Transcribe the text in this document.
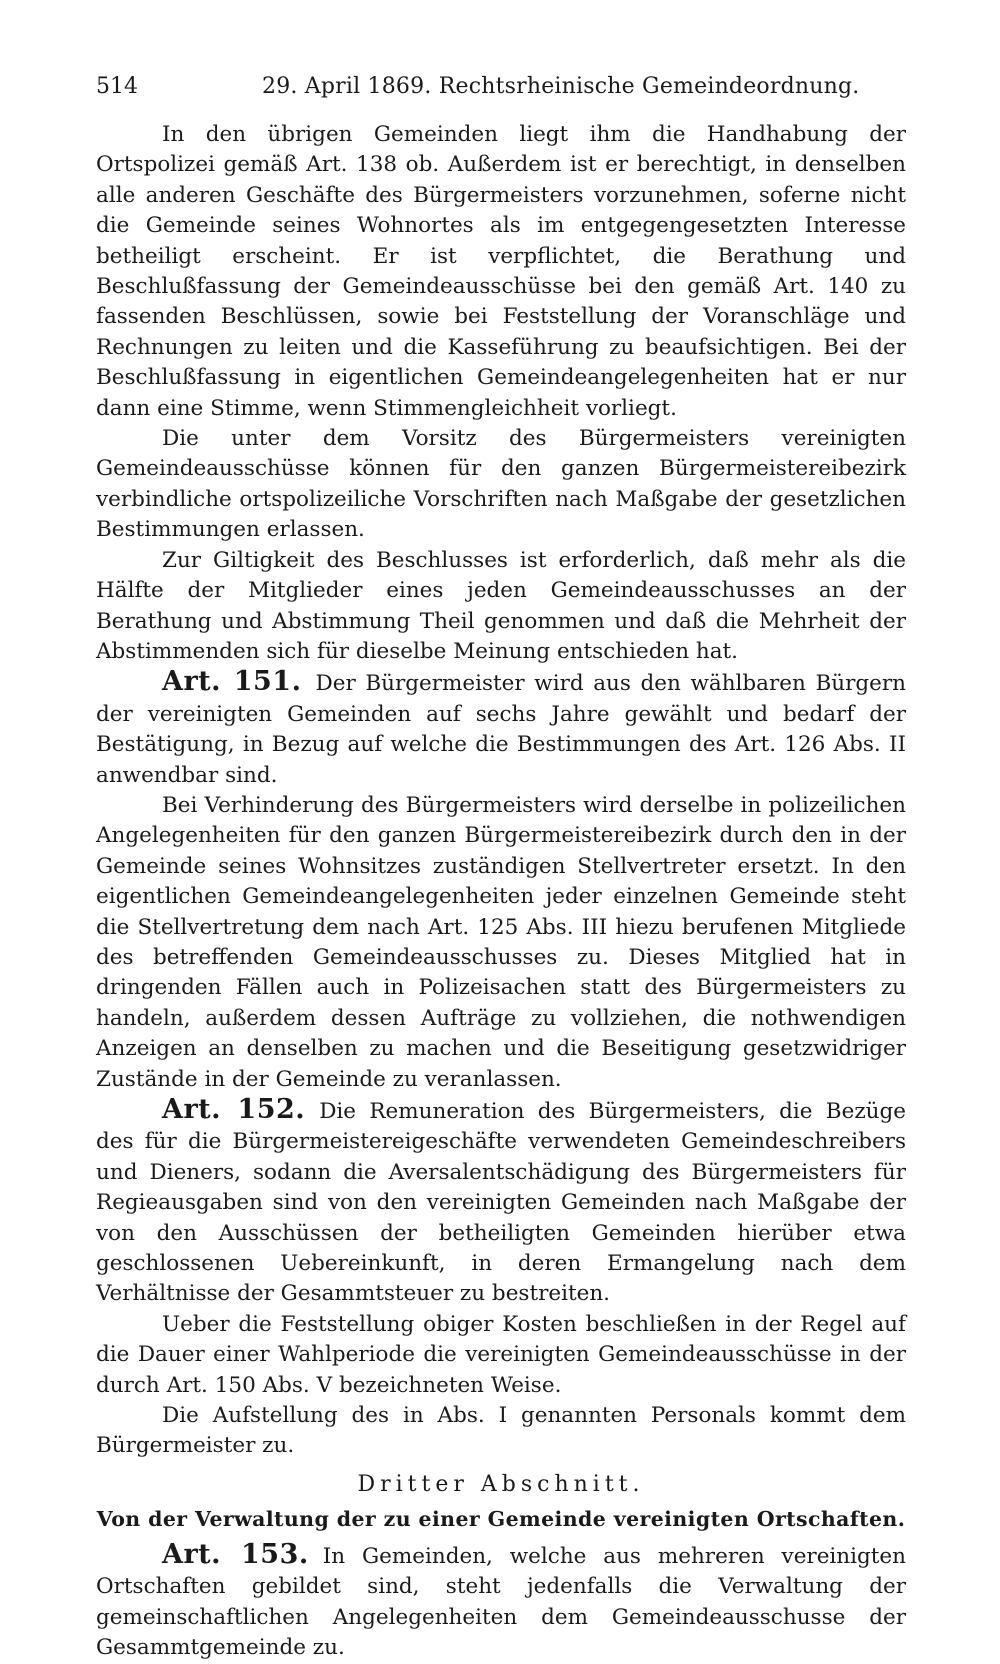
514	29. April 1869. Rechtsrheinische Gemeindeordnung.

In den übrigen Gemeinden liegt ihm die Handhabung der Ortspolizei gemäß Art. 138 ob. Außerdem ist er berechtigt, in denselben alle anderen Geschäfte des Bürgermeisters vorzunehmen, soferne nicht die Gemeinde seines Wohnortes als im entgegengesetzten Interesse betheiligt erscheint. Er ist verpflichtet, die Berathung und Beschlußfassung der Gemeindeausschüsse bei den gemäß Art. 140 zu fassenden Beschlüssen, sowie bei Feststellung der Voranschläge und Rechnungen zu leiten und die Kasseführung zu beaufsichtigen. Bei der Beschlußfassung in eigentlichen Gemeindeangelegenheiten hat er nur dann eine Stimme, wenn Stimmengleichheit vorliegt.

Die unter dem Vorsitz des Bürgermeisters vereinigten Gemeindeausschüsse können für den ganzen Bürgermeistereibezirk verbindliche ortspolizeiliche Vorschriften nach Maßgabe der gesetzlichen Bestimmungen erlassen.

Zur Giltigkeit des Beschlusses ist erforderlich, daß mehr als die Hälfte der Mitglieder eines jeden Gemeindeausschusses an der Berathung und Abstimmung Theil genommen und daß die Mehrheit der Abstimmenden sich für dieselbe Meinung entschieden hat.

Art. 151. Der Bürgermeister wird aus den wählbaren Bürgern der vereinigten Gemeinden auf sechs Jahre gewählt und bedarf der Bestätigung, in Bezug auf welche die Bestimmungen des Art. 126 Abs. II anwendbar sind.

Bei Verhinderung des Bürgermeisters wird derselbe in polizeilichen Angelegenheiten für den ganzen Bürgermeistereibezirk durch den in der Gemeinde seines Wohnsitzes zuständigen Stellvertreter ersetzt. In den eigentlichen Gemeindeangelegenheiten jeder einzelnen Gemeinde steht die Stellvertretung dem nach Art. 125 Abs. III hiezu berufenen Mitgliede des betreffenden Gemeindeausschusses zu. Dieses Mitglied hat in dringenden Fällen auch in Polizeisachen statt des Bürgermeisters zu handeln, außerdem dessen Aufträge zu vollziehen, die nothwendigen Anzeigen an denselben zu machen und die Beseitigung gesetzwidriger Zustände in der Gemeinde zu veranlassen.

Art. 152. Die Remuneration des Bürgermeisters, die Bezüge des für die Bürgermeistereigeschäfte verwendeten Gemeindeschreibers und Dieners, sodann die Aversalentschädigung des Bürgermeisters für Regieausgaben sind von den vereinigten Gemeinden nach Maßgabe der von den Ausschüssen der betheiligten Gemeinden hierüber etwa geschlossenen Uebereinkunft, in deren Ermangelung nach dem Verhältnisse der Gesammtsteuer zu bestreiten.

Ueber die Feststellung obiger Kosten beschließen in der Regel auf die Dauer einer Wahlperiode die vereinigten Gemeindeausschüsse in der durch Art. 150 Abs. V bezeichneten Weise.

Die Aufstellung des in Abs. I genannten Personals kommt dem Bürgermeister zu.

Dritter Abschnitt.

Von der Verwaltung der zu einer Gemeinde vereinigten Ortschaften.

Art. 153. In Gemeinden, welche aus mehreren vereinigten Ortschaften gebildet sind, steht jedenfalls die Verwaltung der gemeinschaftlichen Angelegenheiten dem Gemeindeausschusse der Gesammtgemeinde zu.
